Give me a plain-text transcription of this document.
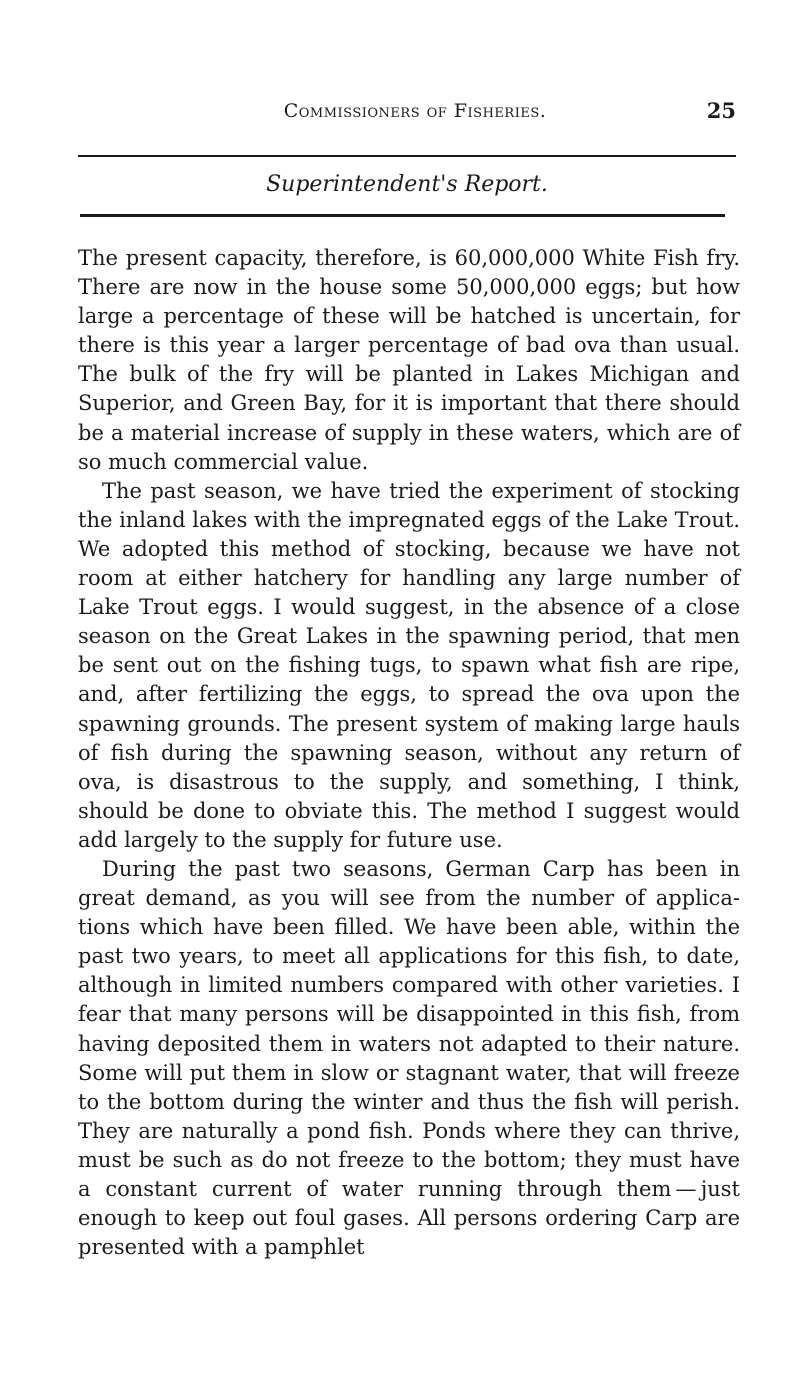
Commissioners of Fisheries.	25
Superintendent's Report.

The present capacity, therefore, is 60,000,000 White Fish fry. There are now in the house some 50,000,000 eggs; but how large a percentage of these will be hatched is uncertain, for there is this year a larger percentage of bad ova than usual. The bulk of the fry will be planted in Lakes Michigan and Superior, and Green Bay, for it is important that there should be a material increase of supply in these waters, which are of so much commercial value.

The past season, we have tried the experiment of stocking the inland lakes with the impregnated eggs of the Lake Trout. We adopted this method of stocking, because we have not room at either hatchery for handling any large number of Lake Trout eggs. I would suggest, in the absence of a close season on the Great Lakes in the spawning period, that men be sent out on the fishing tugs, to spawn what fish are ripe, and, after fertilizing the eggs, to spread the ova upon the spawning grounds. The present system of making large hauls of fish during the spawning season, without any return of ova, is disastrous to the supply, and something, I think, should be done to obviate this. The method I suggest would add largely to the supply for future use.

During the past two seasons, German Carp has been in great demand, as you will see from the number of applications which have been filled. We have been able, within the past two years, to meet all applications for this fish, to date, although in limited numbers compared with other varieties. I fear that many persons will be disappointed in this fish, from having deposited them in waters not adapted to their nature. Some will put them in slow or stagnant water, that will freeze to the bottom during the winter and thus the fish will perish. They are naturally a pond fish. Ponds where they can thrive, must be such as do not freeze to the bottom; they must have a constant current of water running through them — just enough to keep out foul gases. All persons ordering Carp are presented with a pamphlet
